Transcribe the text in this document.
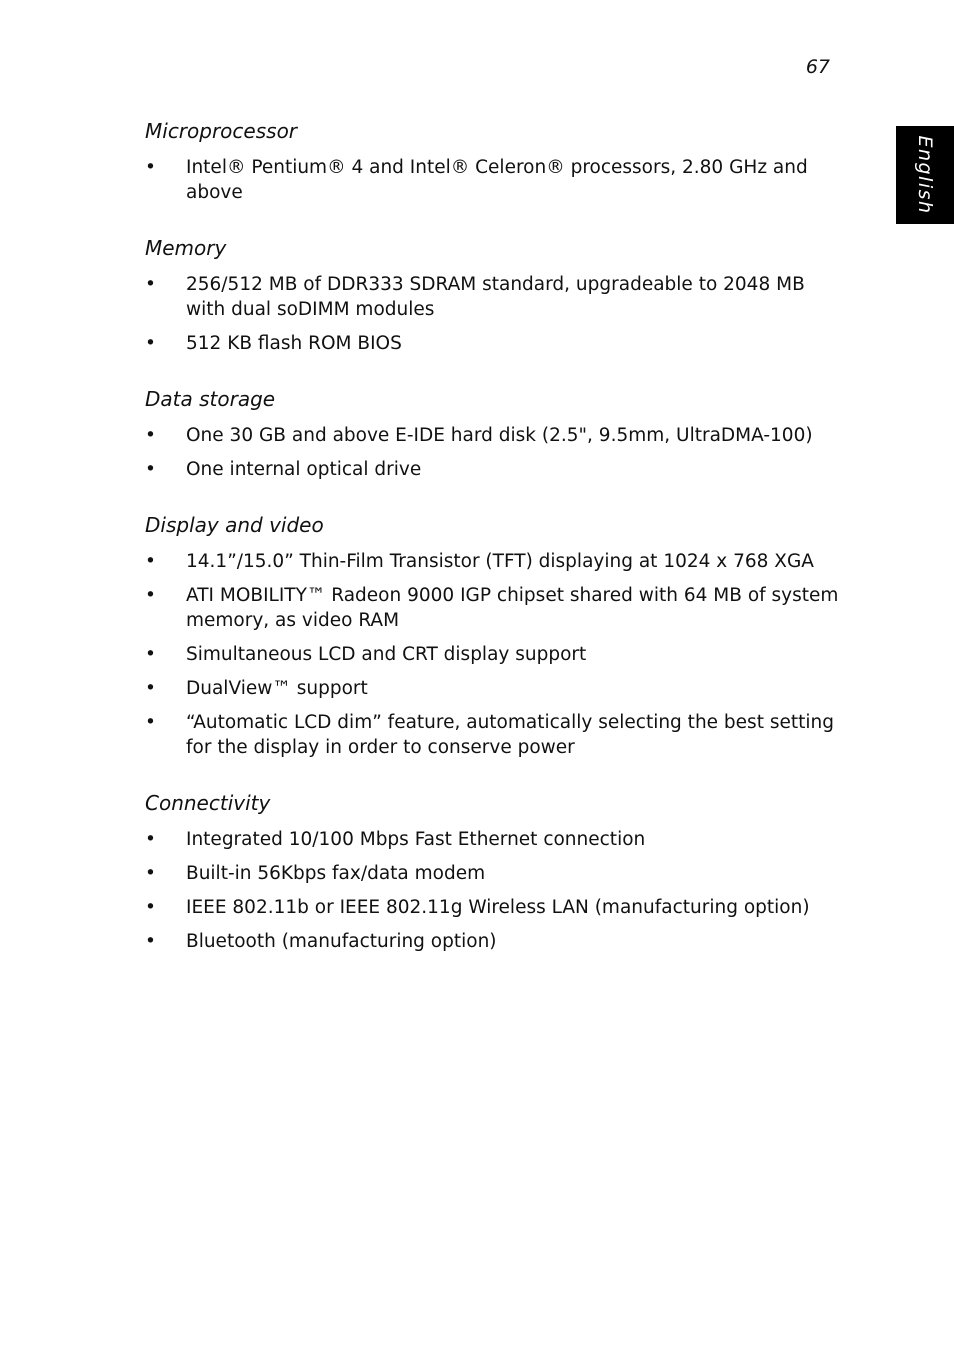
67
English
Microprocessor
•	Intel® Pentium® 4 and Intel® Celeron® processors, 2.80 GHz and above
Memory
•	256/512 MB of DDR333 SDRAM standard, upgradeable to 2048 MB with dual soDIMM modules
•	512 KB flash ROM BIOS
Data storage
•	One 30 GB and above E-IDE hard disk (2.5", 9.5mm, UltraDMA-100)
•	One internal optical drive
Display and video
•	14.1”/15.0” Thin-Film Transistor (TFT) displaying at 1024 x 768 XGA
•	ATI MOBILITY™ Radeon 9000 IGP chipset shared with 64 MB of system memory, as video RAM
•	Simultaneous LCD and CRT display support
•	DualView™ support
•	“Automatic LCD dim” feature, automatically selecting the best setting for the display in order to conserve power
Connectivity
•	Integrated 10/100 Mbps Fast Ethernet connection
•	Built-in 56Kbps fax/data modem
•	IEEE 802.11b or IEEE 802.11g Wireless LAN (manufacturing option)
•	Bluetooth (manufacturing option)
